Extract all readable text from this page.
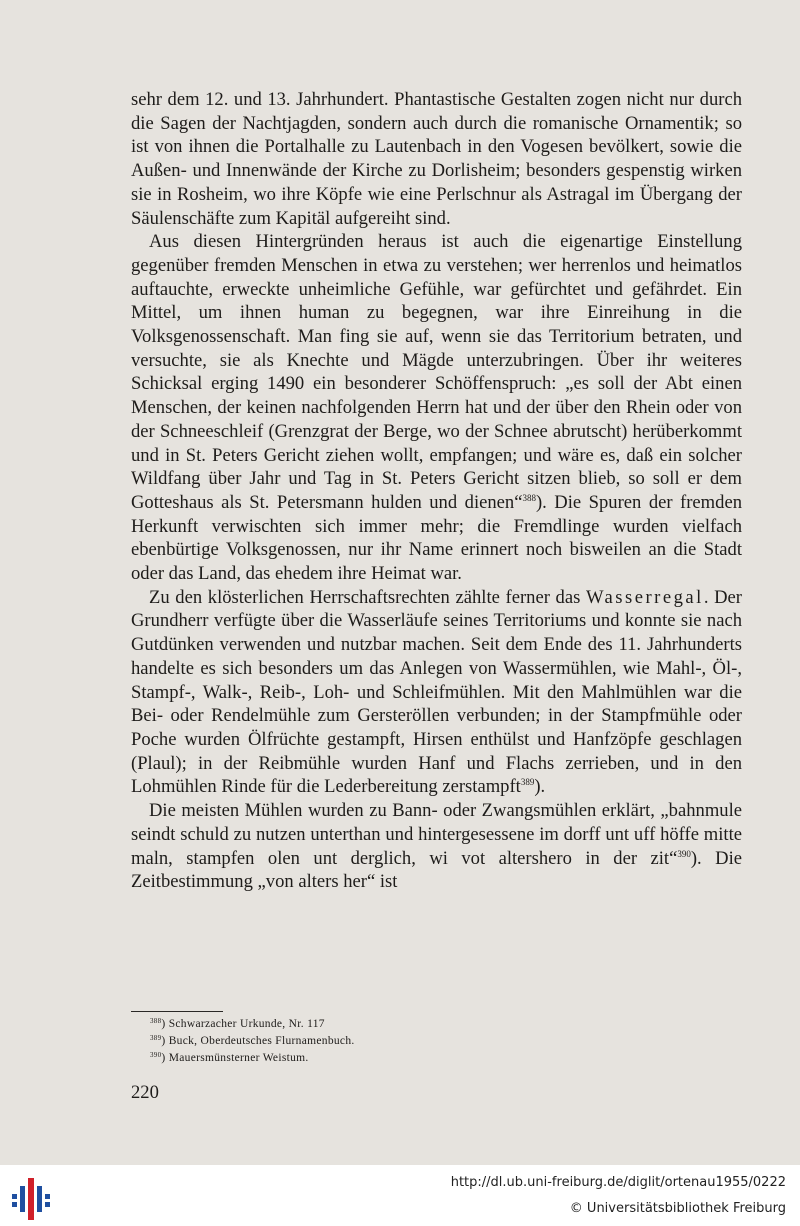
sehr dem 12. und 13. Jahrhundert. Phantastische Gestalten zogen nicht nur durch die Sagen der Nachtjagden, sondern auch durch die romanische Ornamentik; so ist von ihnen die Portalhalle zu Lautenbach in den Vogesen bevölkert, sowie die Außen- und Innenwände der Kirche zu Dorlisheim; besonders gespenstig wirken sie in Rosheim, wo ihre Köpfe wie eine Perlschnur als Astragal im Übergang der Säulenschäfte zum Kapitäl aufgereiht sind.

Aus diesen Hintergründen heraus ist auch die eigenartige Einstellung gegenüber fremden Menschen in etwa zu verstehen; wer herrenlos und heimatlos auftauchte, erweckte unheimliche Gefühle, war gefürchtet und gefährdet. Ein Mittel, um ihnen human zu begegnen, war ihre Einreihung in die Volksgenossenschaft. Man fing sie auf, wenn sie das Territorium betraten, und versuchte, sie als Knechte und Mägde unterzubringen. Über ihr weiteres Schicksal erging 1490 ein besonderer Schöffenspruch: „es soll der Abt einen Menschen, der keinen nachfolgenden Herrn hat und der über den Rhein oder von der Schneeschleif (Grenzgrat der Berge, wo der Schnee abrutscht) herüberkommt und in St. Peters Gericht ziehen wollt, empfangen; und wäre es, daß ein solcher Wildfang über Jahr und Tag in St. Peters Gericht sitzen blieb, so soll er dem Gotteshaus als St. Petersmann hulden und dienen“$^{388}$). Die Spuren der fremden Herkunft verwischten sich immer mehr; die Fremdlinge wurden vielfach ebenbürtige Volksgenossen, nur ihr Name erinnert noch bisweilen an die Stadt oder das Land, das ehedem ihre Heimat war.

Zu den klösterlichen Herrschaftsrechten zählte ferner das Wasserregal. Der Grundherr verfügte über die Wasserläufe seines Territoriums und konnte sie nach Gutdünken verwenden und nutzbar machen. Seit dem Ende des 11. Jahrhunderts handelte es sich besonders um das Anlegen von Wassermühlen, wie Mahl-, Öl-, Stampf-, Walk-, Reib-, Loh- und Schleifmühlen. Mit den Mahlmühlen war die Bei- oder Rendelmühle zum Gersteröllen verbunden; in der Stampfmühle oder Poche wurden Ölfrüchte gestampft, Hirsen enthülst und Hanfzöpfe geschlagen (Plaul); in der Reibmühle wurden Hanf und Flachs zerrieben, und in den Lohmühlen Rinde für die Lederbereitung zerstampft$^{389}$).

Die meisten Mühlen wurden zu Bann- oder Zwangsmühlen erklärt, „bahnmule seindt schuld zu nutzen unterthan und hintergesessene im dorff unt uff höffe mitte maln, stampfen olen unt derglich, wi vot altershero in der zit“$^{390}$). Die Zeitbestimmung „von alters her“ ist

$^{388}$) Schwarzacher Urkunde, Nr. 117
$^{389}$) Buck, Oberdeutsches Flurnamenbuch.
$^{390}$) Mauersmünsterner Weistum.
220
http://dl.ub.uni-freiburg.de/diglit/ortenau1955/0222
© Universitätsbibliothek Freiburg
